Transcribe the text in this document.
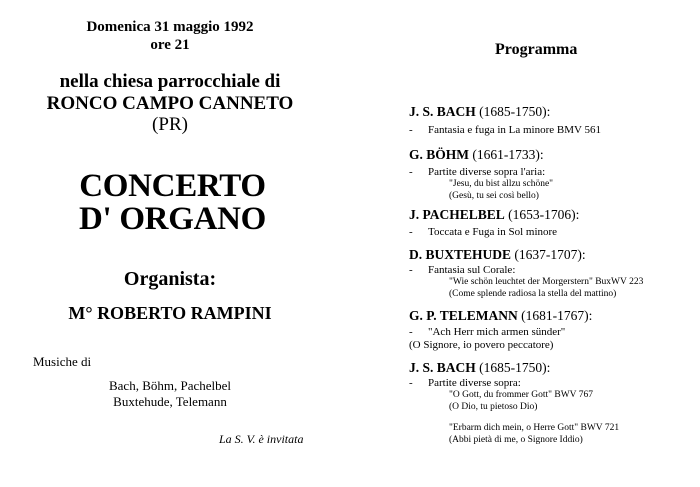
Domenica 31 maggio 1992
ore 21
nella chiesa parrocchiale di
RONCO CAMPO CANNETO
(PR)
CONCERTO
D' ORGANO
Organista:
M° ROBERTO RAMPINI
Musiche di
Bach, Böhm, Pachelbel
Buxtehude, Telemann
La S. V. è invitata
Programma
J. S. BACH (1685-1750):
- Fantasia e fuga in La minore BMV 561
G. BÖHM (1661-1733):
- Partite diverse sopra l'aria:
"Jesu, du bist allzu schöne"
(Gesù, tu sei così bello)
J. PACHELBEL (1653-1706):
- Toccata e Fuga in Sol minore
D. BUXTEHUDE (1637-1707):
- Fantasia sul Corale:
"Wie schön leuchtet der Morgerstern" BuxWV 223
(Come splende radiosa la stella del mattino)
G. P. TELEMANN (1681-1767):
- "Ach Herr mich armen sünder"
(O Signore, io povero peccatore)
J. S. BACH (1685-1750):
- Partite diverse sopra:
"O Gott, du frommer Gott" BWV 767
(O Dio, tu pietoso Dio)
"Erbarm dich mein, o Herre Gott" BWV 721
(Abbi pietà di me, o Signore Iddio)
